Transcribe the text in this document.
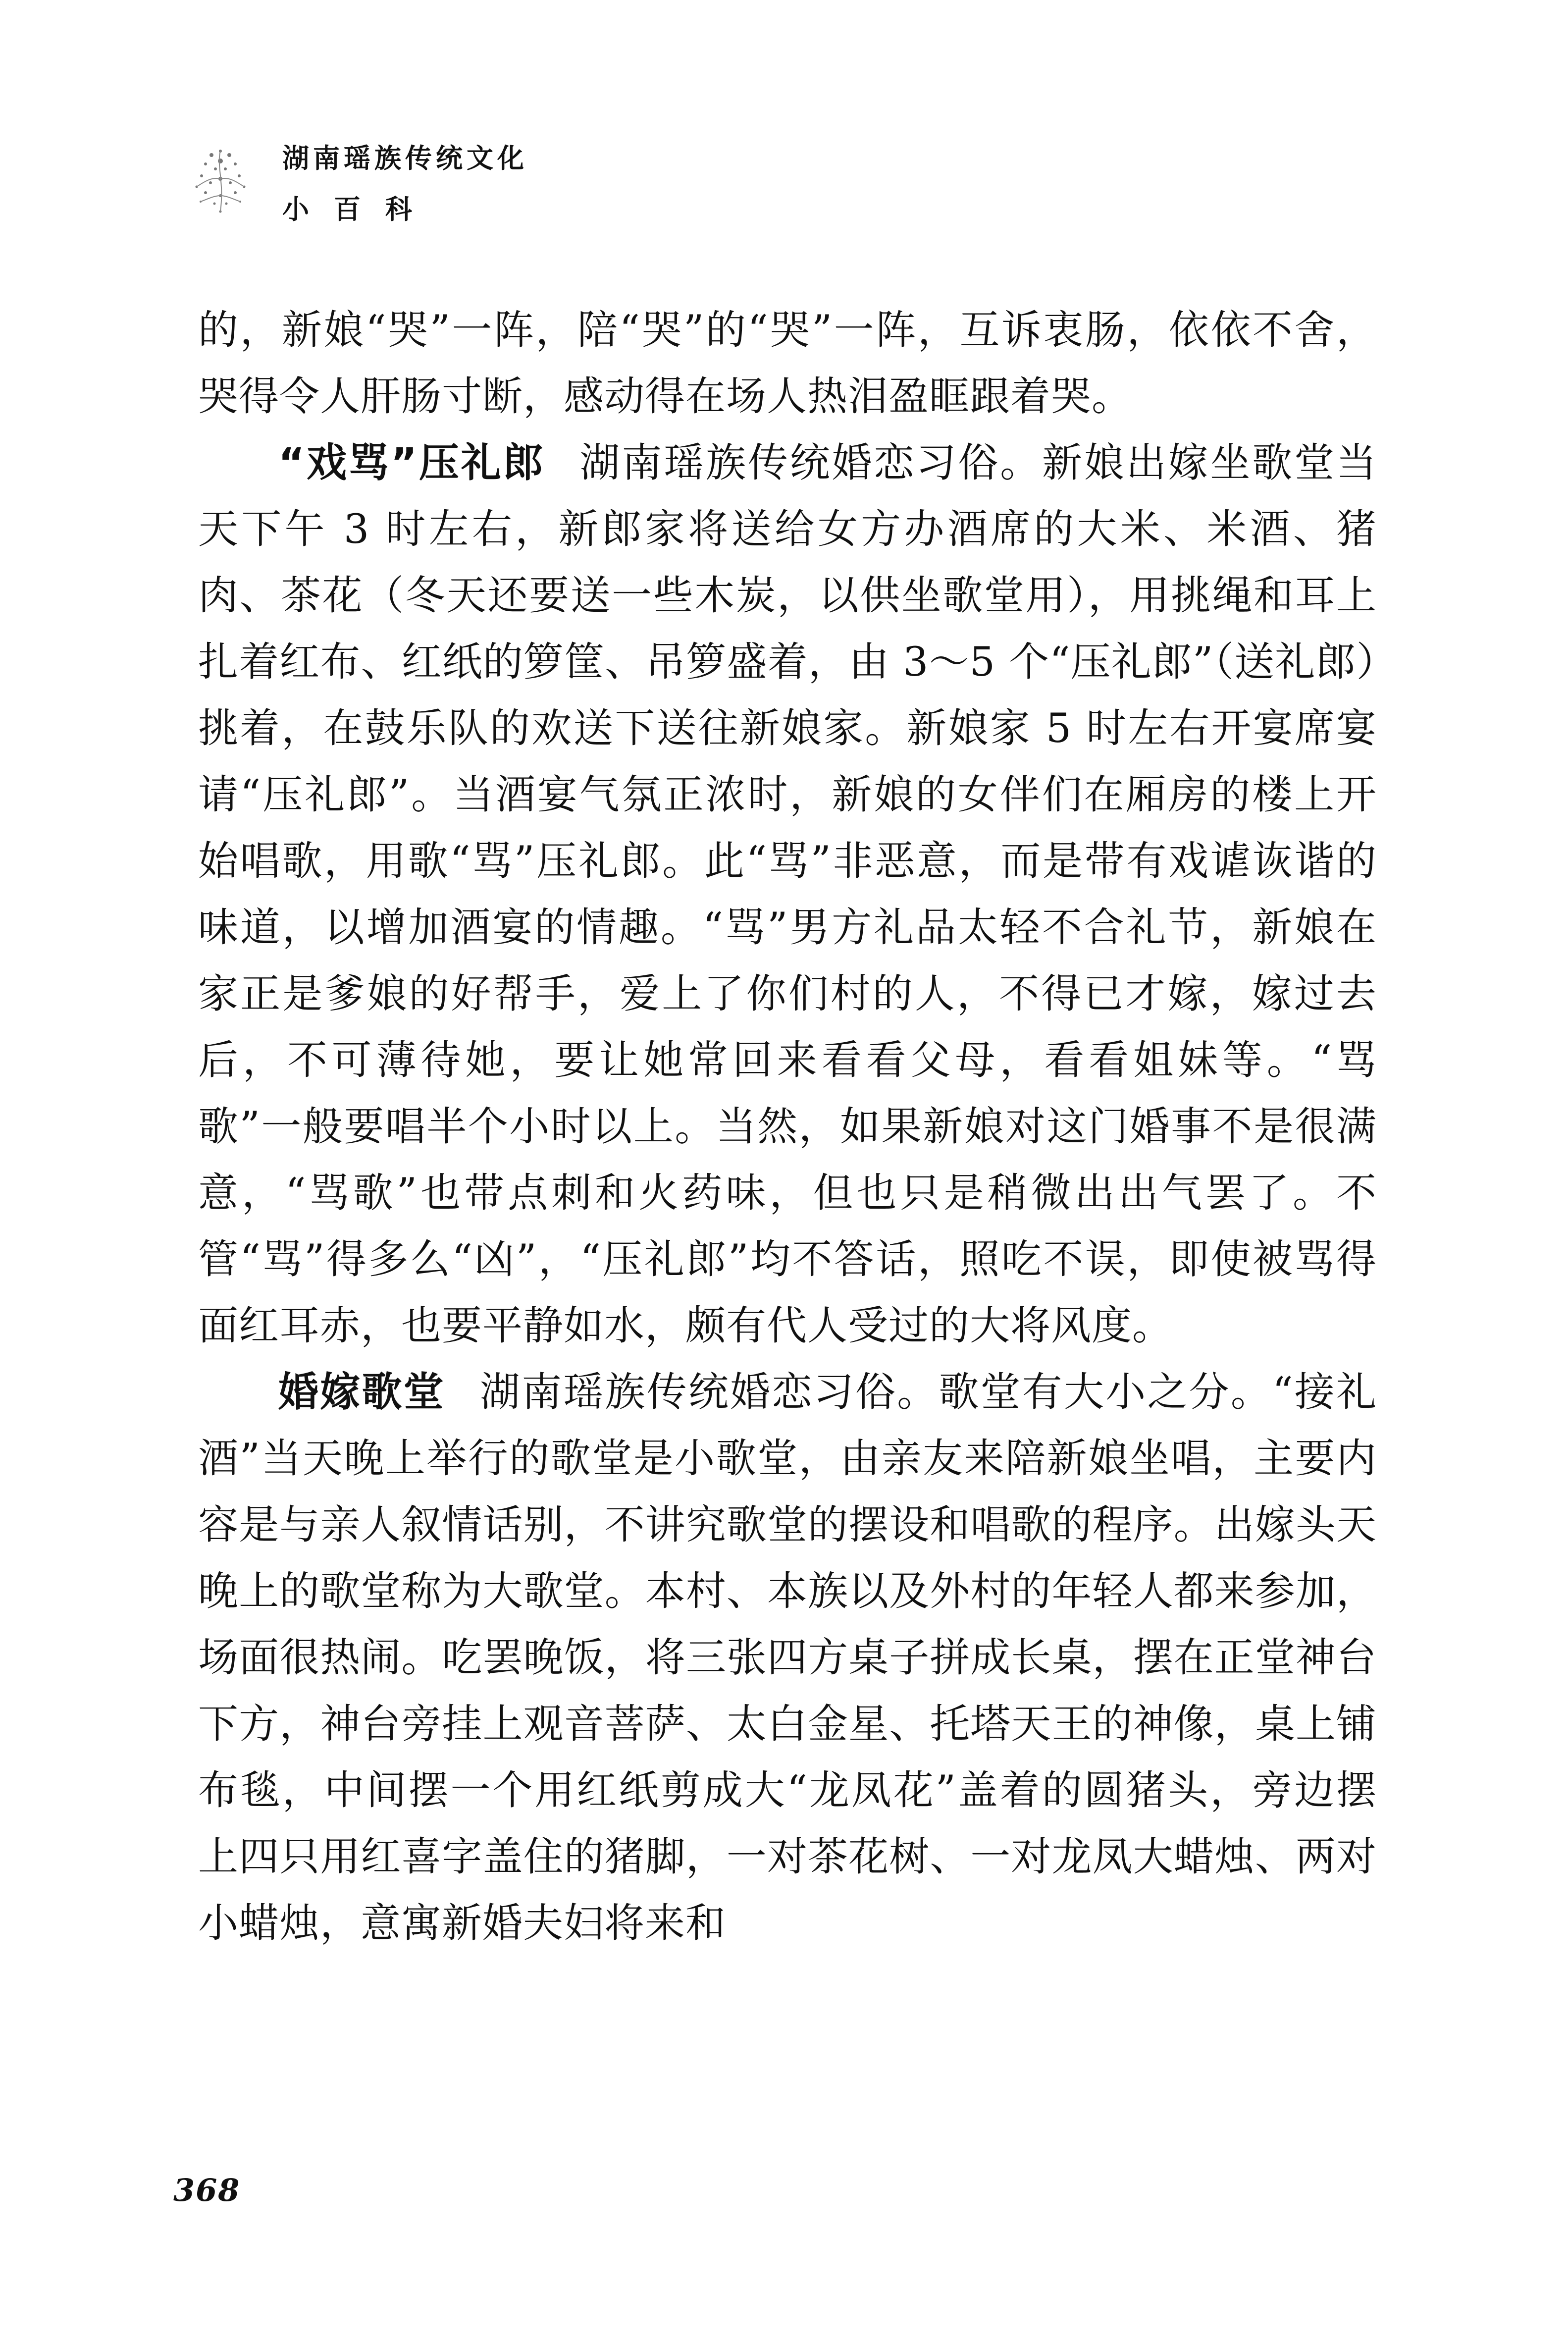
湖南瑶族传统文化
小百科

的，新娘“哭”一阵，陪“哭”的“哭”一阵，互诉衷肠，依依不舍，哭得令人肝肠寸断，感动得在场人热泪盈眶跟着哭。

“戏骂”压礼郎 湖南瑶族传统婚恋习俗。新娘出嫁坐歌堂当天下午 3 时左右，新郎家将送给女方办酒席的大米、米酒、猪肉、茶花（冬天还要送一些木炭，以供坐歌堂用），用挑绳和耳上扎着红布、红纸的箩筐、吊箩盛着，由 3～5 个“压礼郎”（送礼郎）挑着，在鼓乐队的欢送下送往新娘家。新娘家 5 时左右开宴席宴请“压礼郎”。当酒宴气氛正浓时，新娘的女伴们在厢房的楼上开始唱歌，用歌“骂”压礼郎。此“骂”非恶意，而是带有戏谑诙谐的味道，以增加酒宴的情趣。“骂”男方礼品太轻不合礼节，新娘在家正是爹娘的好帮手，爱上了你们村的人，不得已才嫁，嫁过去后，不可薄待她，要让她常回来看看父母，看看姐妹等。“骂歌”一般要唱半个小时以上。当然，如果新娘对这门婚事不是很满意，“骂歌”也带点刺和火药味，但也只是稍微出出气罢了。不管“骂”得多么“凶”，“压礼郎”均不答话，照吃不误，即使被骂得面红耳赤，也要平静如水，颇有代人受过的大将风度。

婚嫁歌堂 湖南瑶族传统婚恋习俗。歌堂有大小之分。“接礼酒”当天晚上举行的歌堂是小歌堂，由亲友来陪新娘坐唱，主要内容是与亲人叙情话别，不讲究歌堂的摆设和唱歌的程序。出嫁头天晚上的歌堂称为大歌堂。本村、本族以及外村的年轻人都来参加，场面很热闹。吃罢晚饭，将三张四方桌子拼成长桌，摆在正堂神台下方，神台旁挂上观音菩萨、太白金星、托塔天王的神像，桌上铺布毯，中间摆一个用红纸剪成大“龙凤花”盖着的圆猪头，旁边摆上四只用红喜字盖住的猪脚，一对茶花树、一对龙凤大蜡烛、两对小蜡烛，意寓新婚夫妇将来和

368
